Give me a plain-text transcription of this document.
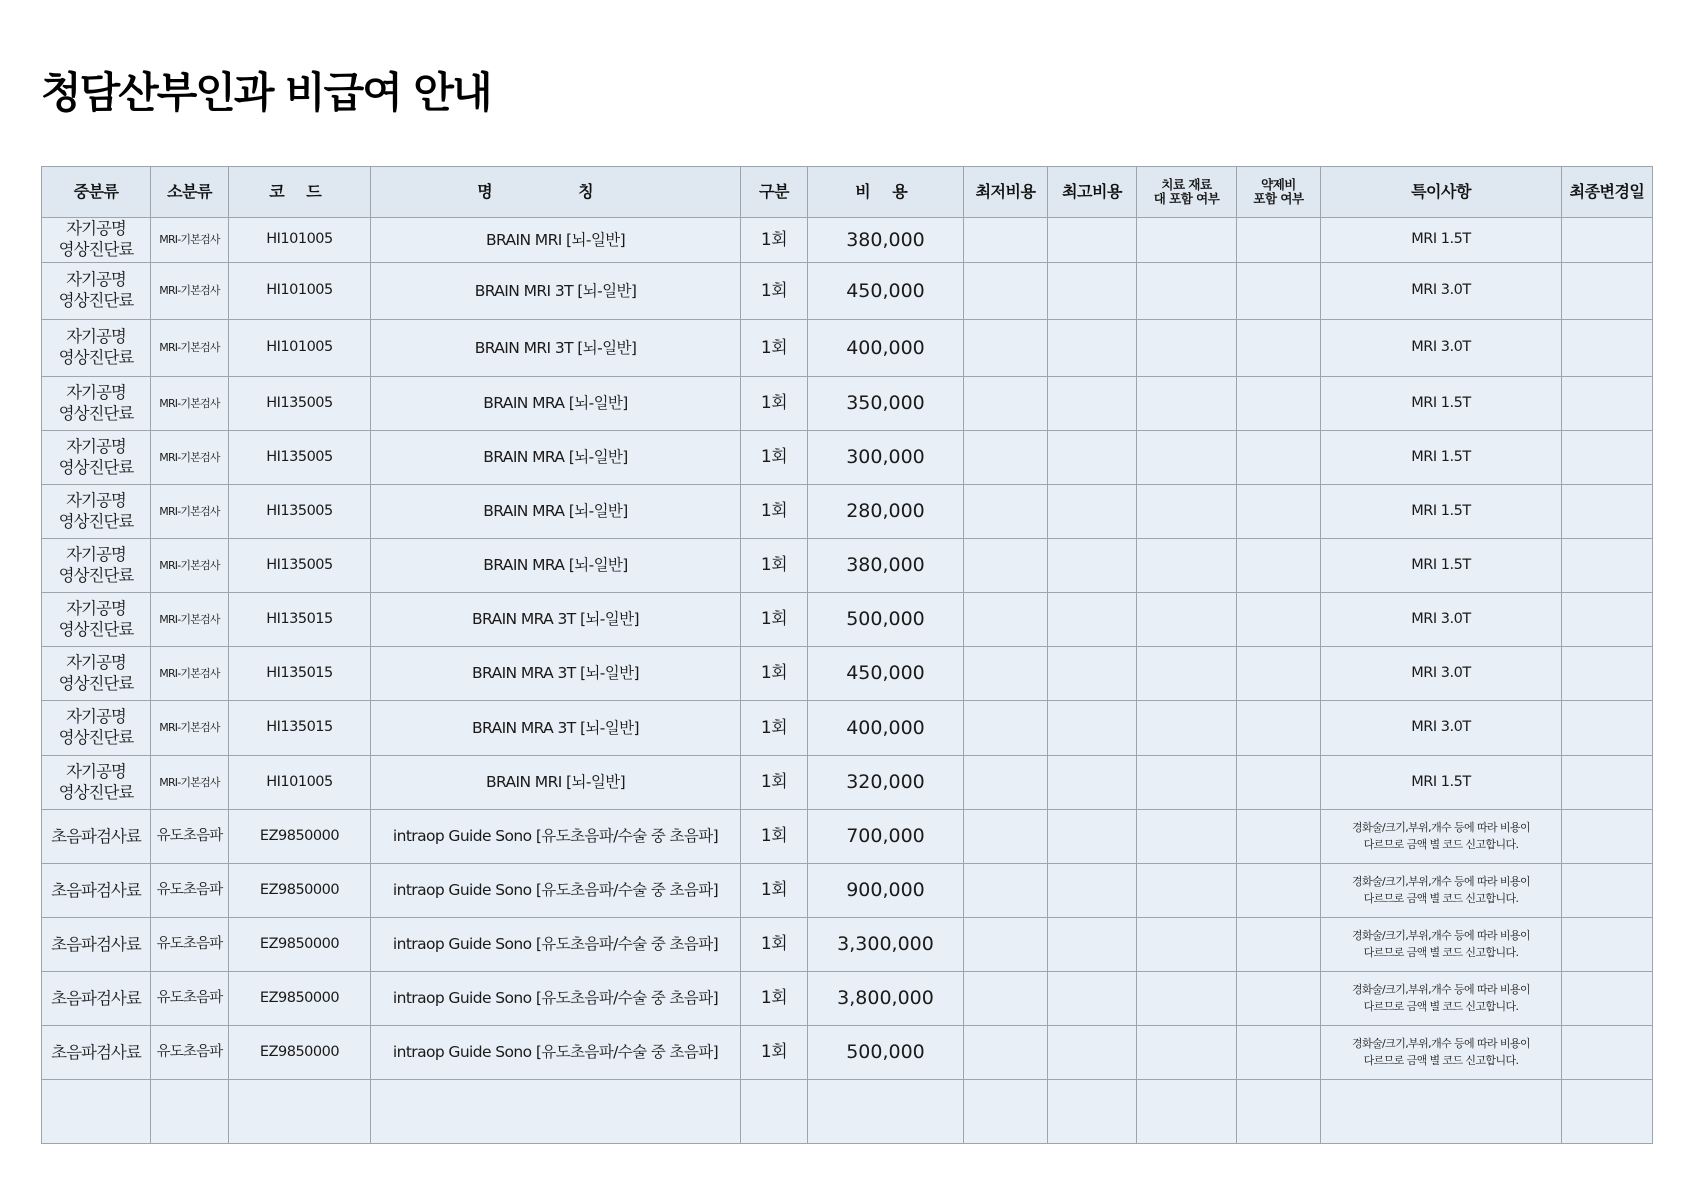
청담산부인과 비급여 안내
중분류	소분류	코 드	명 칭	구분	비 용	최저비용	최고비용	치료 재료
대 포함 여부	약제비
포함 여부	특이사항	최종변경일
자기공명
영상진단료	MRI-기본검사	HI101005	BRAIN MRI [뇌-일반]	1회	380,000					MRI 1.5T	
자기공명
영상진단료	MRI-기본검사	HI101005	BRAIN MRI 3T [뇌-일반]	1회	450,000					MRI 3.0T	
자기공명
영상진단료	MRI-기본검사	HI101005	BRAIN MRI 3T [뇌-일반]	1회	400,000					MRI 3.0T	
자기공명
영상진단료	MRI-기본검사	HI135005	BRAIN MRA [뇌-일반]	1회	350,000					MRI 1.5T	
자기공명
영상진단료	MRI-기본검사	HI135005	BRAIN MRA [뇌-일반]	1회	300,000					MRI 1.5T	
자기공명
영상진단료	MRI-기본검사	HI135005	BRAIN MRA [뇌-일반]	1회	280,000					MRI 1.5T	
자기공명
영상진단료	MRI-기본검사	HI135005	BRAIN MRA [뇌-일반]	1회	380,000					MRI 1.5T	
자기공명
영상진단료	MRI-기본검사	HI135015	BRAIN MRA 3T [뇌-일반]	1회	500,000					MRI 3.0T	
자기공명
영상진단료	MRI-기본검사	HI135015	BRAIN MRA 3T [뇌-일반]	1회	450,000					MRI 3.0T	
자기공명
영상진단료	MRI-기본검사	HI135015	BRAIN MRA 3T [뇌-일반]	1회	400,000					MRI 3.0T	
자기공명
영상진단료	MRI-기본검사	HI101005	BRAIN MRI [뇌-일반]	1회	320,000					MRI 1.5T	
초음파검사료	유도초음파	EZ9850000	intraop Guide Sono [유도초음파/수술 중 초음파]	1회	700,000					경화술/크기,부위,개수 등에 따라 비용이
다르므로 금액 별 코드 신고합니다.	
초음파검사료	유도초음파	EZ9850000	intraop Guide Sono [유도초음파/수술 중 초음파]	1회	900,000					경화술/크기,부위,개수 등에 따라 비용이
다르므로 금액 별 코드 신고합니다.	
초음파검사료	유도초음파	EZ9850000	intraop Guide Sono [유도초음파/수술 중 초음파]	1회	3,300,000					경화술/크기,부위,개수 등에 따라 비용이
다르므로 금액 별 코드 신고합니다.	
초음파검사료	유도초음파	EZ9850000	intraop Guide Sono [유도초음파/수술 중 초음파]	1회	3,800,000					경화술/크기,부위,개수 등에 따라 비용이
다르므로 금액 별 코드 신고합니다.	
초음파검사료	유도초음파	EZ9850000	intraop Guide Sono [유도초음파/수술 중 초음파]	1회	500,000					경화술/크기,부위,개수 등에 따라 비용이
다르므로 금액 별 코드 신고합니다.	
